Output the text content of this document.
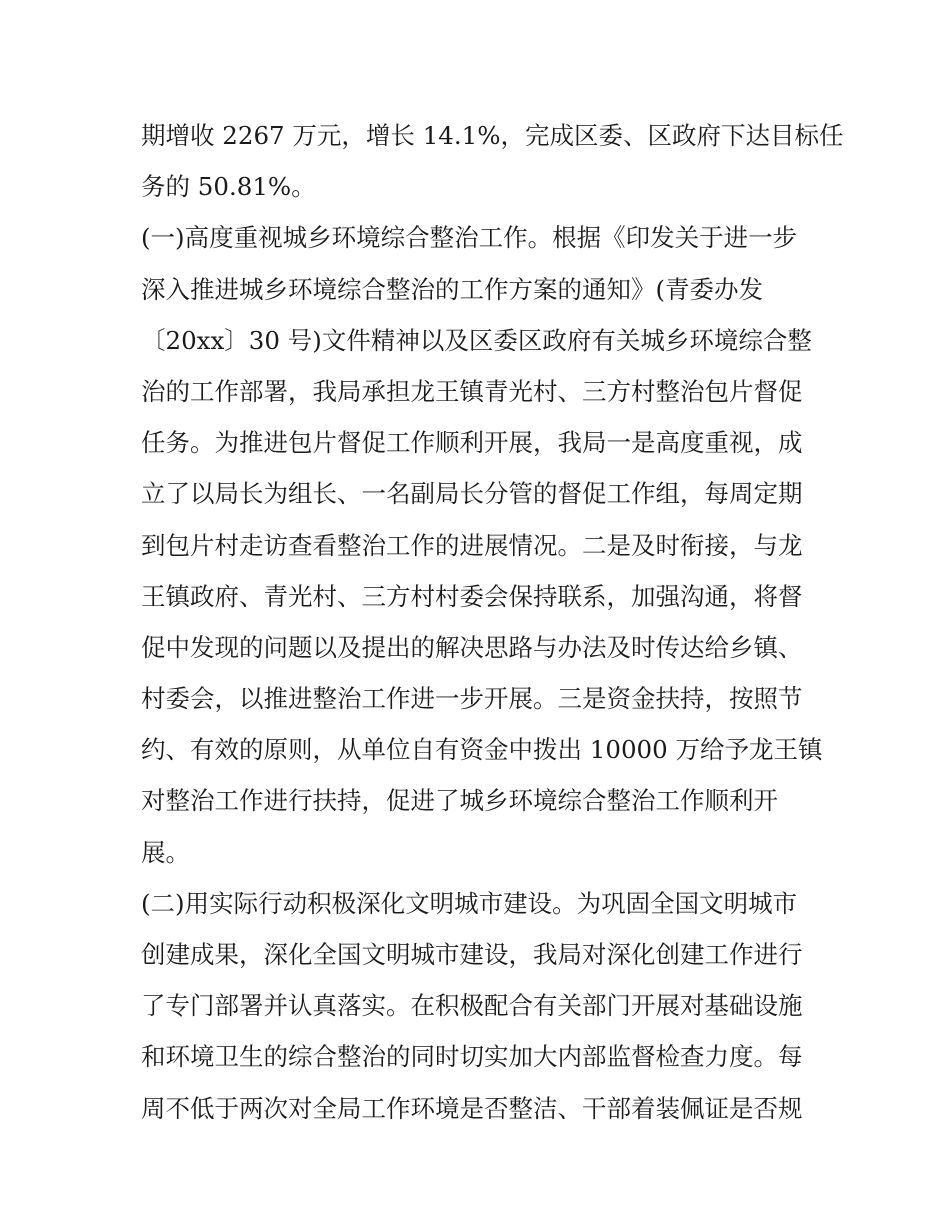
期增收 2267 万元，增长 14.1%，完成区委、区政府下达目标任

务的 50.81%。

(一)高度重视城乡环境综合整治工作。根据《印发关于进一步

深入推进城乡环境综合整治的工作方案的通知》(青委办发

〔20xx〕30 号)文件精神以及区委区政府有关城乡环境综合整

治的工作部署，我局承担龙王镇青光村、三方村整治包片督促

任务。为推进包片督促工作顺利开展，我局一是高度重视，成

立了以局长为组长、一名副局长分管的督促工作组，每周定期

到包片村走访查看整治工作的进展情况。二是及时衔接，与龙

王镇政府、青光村、三方村村委会保持联系，加强沟通，将督

促中发现的问题以及提出的解决思路与办法及时传达给乡镇、

村委会，以推进整治工作进一步开展。三是资金扶持，按照节

约、有效的原则，从单位自有资金中拨出 10000 万给予龙王镇

对整治工作进行扶持，促进了城乡环境综合整治工作顺利开

展。

(二)用实际行动积极深化文明城市建设。为巩固全国文明城市

创建成果，深化全国文明城市建设，我局对深化创建工作进行

了专门部署并认真落实。在积极配合有关部门开展对基础设施

和环境卫生的综合整治的同时切实加大内部监督检查力度。每

周不低于两次对全局工作环境是否整洁、干部着装佩证是否规
